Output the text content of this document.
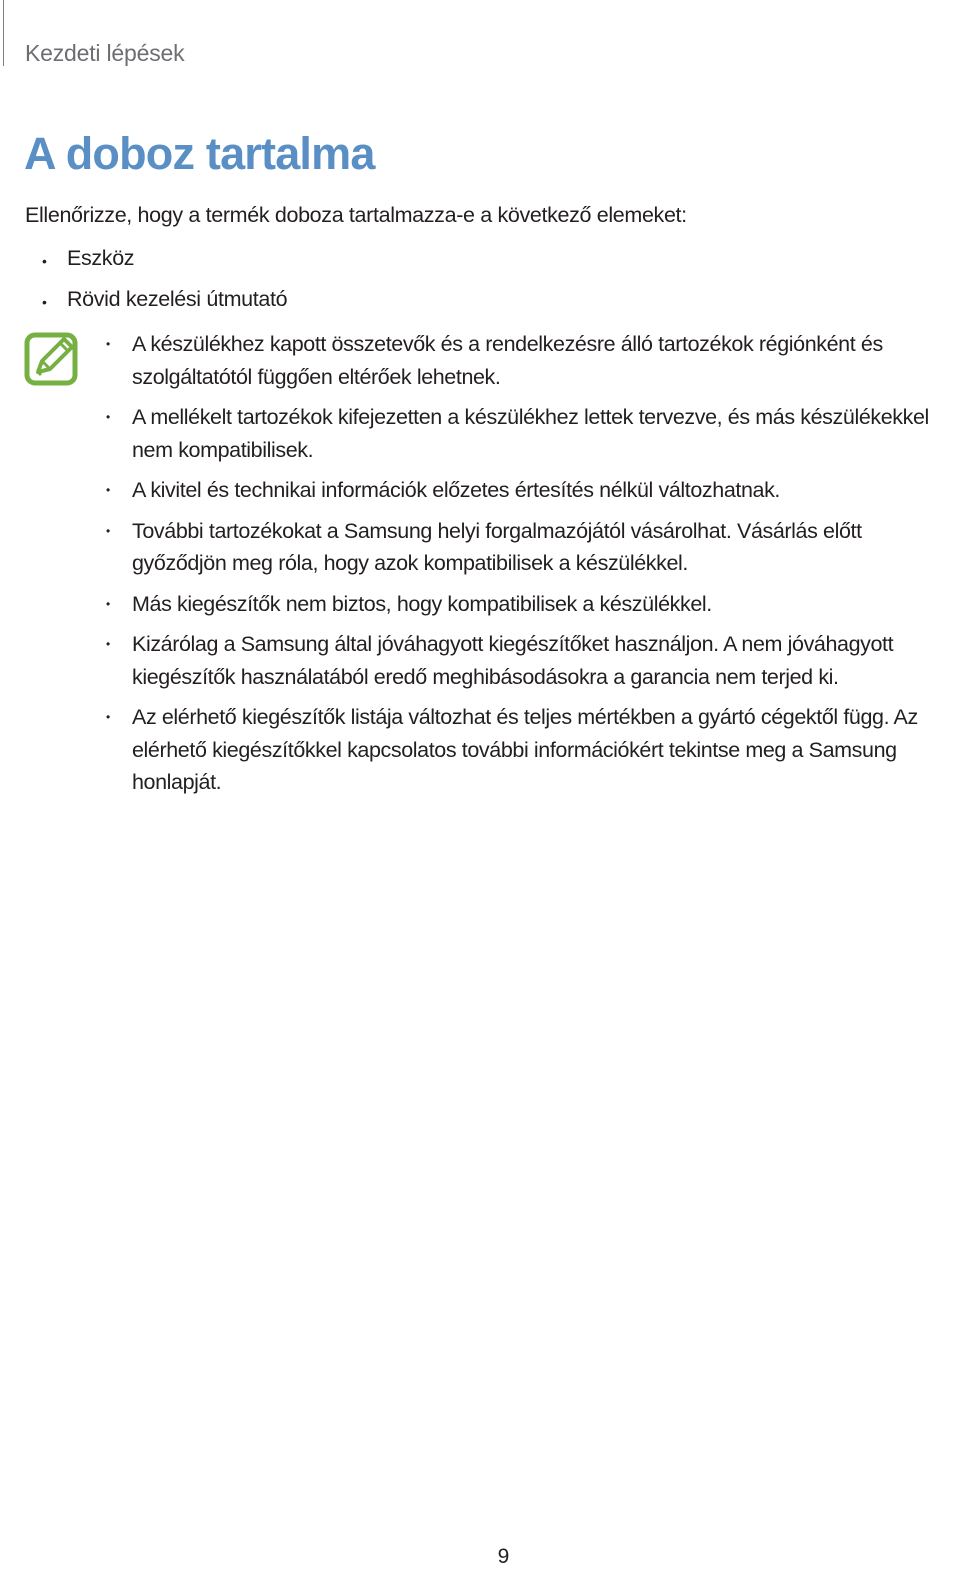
Kezdeti lépések
A doboz tartalma
Ellenőrizze, hogy a termék doboza tartalmazza-e a következő elemeket:
• Eszköz
• Rövid kezelési útmutató
• A készülékhez kapott összetevők és a rendelkezésre álló tartozékok régiónként és szolgáltatótól függően eltérőek lehetnek.
• A mellékelt tartozékok kifejezetten a készülékhez lettek tervezve, és más készülékekkel nem kompatibilisek.
• A kivitel és technikai információk előzetes értesítés nélkül változhatnak.
• További tartozékokat a Samsung helyi forgalmazójától vásárolhat. Vásárlás előtt győződjön meg róla, hogy azok kompatibilisek a készülékkel.
• Más kiegészítők nem biztos, hogy kompatibilisek a készülékkel.
• Kizárólag a Samsung által jóváhagyott kiegészítőket használjon. A nem jóváhagyott kiegészítők használatából eredő meghibásodásokra a garancia nem terjed ki.
• Az elérhető kiegészítők listája változhat és teljes mértékben a gyártó cégektől függ. Az elérhető kiegészítőkkel kapcsolatos további információkért tekintse meg a Samsung honlapját.
9
